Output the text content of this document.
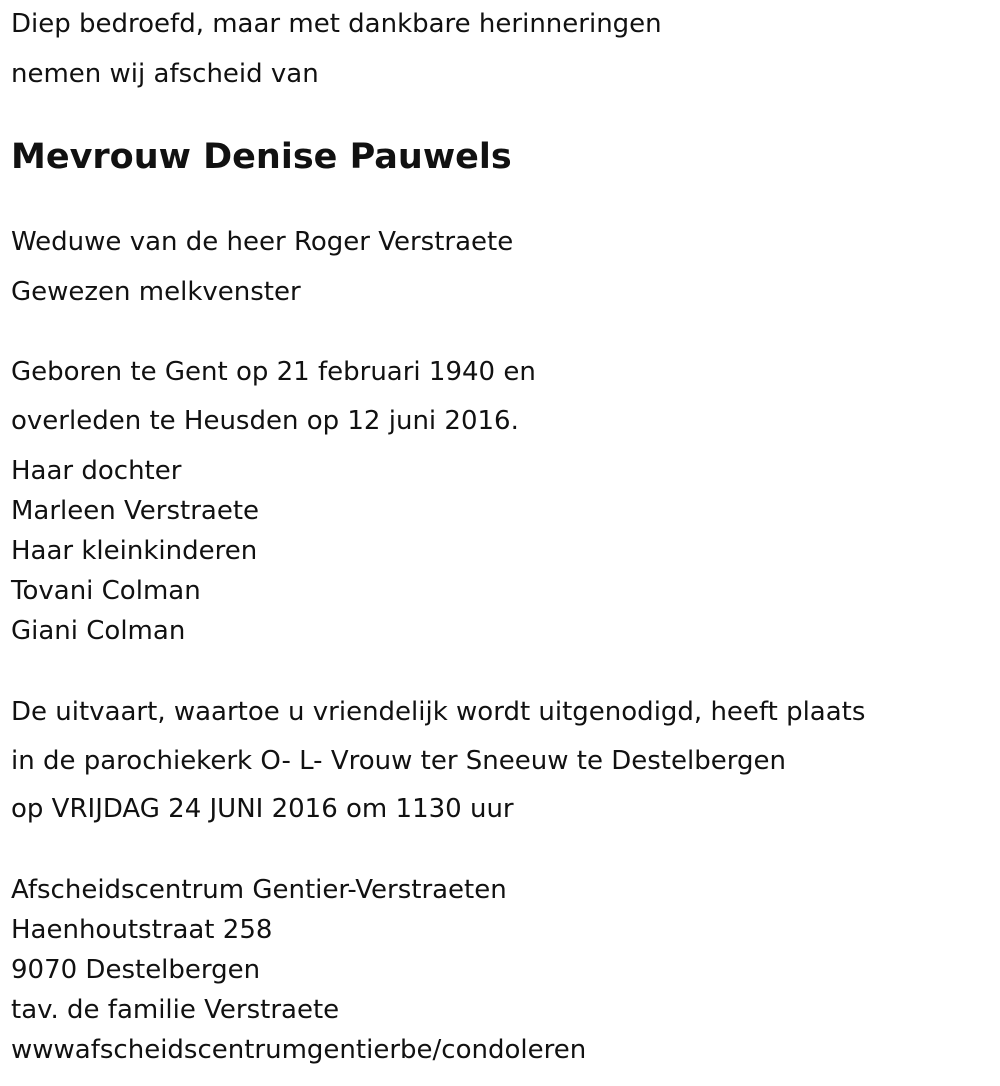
Diep bedroefd, maar met dankbare herinneringen
nemen wij afscheid van
Mevrouw Denise Pauwels
Weduwe van de heer Roger Verstraete
Gewezen melkvenster
Geboren te Gent op 21 februari 1940 en
overleden te Heusden op 12 juni 2016.
Haar dochter
Marleen Verstraete
Haar kleinkinderen
Tovani Colman
Giani Colman
De uitvaart, waartoe u vriendelijk wordt uitgenodigd, heeft plaats
in de parochiekerk O- L- Vrouw ter Sneeuw te Destelbergen
op VRIJDAG 24 JUNI 2016 om 1130 uur
Afscheidscentrum Gentier-Verstraeten
Haenhoutstraat 258
9070 Destelbergen
tav. de familie Verstraete
wwwafscheidscentrumgentierbe/condoleren
